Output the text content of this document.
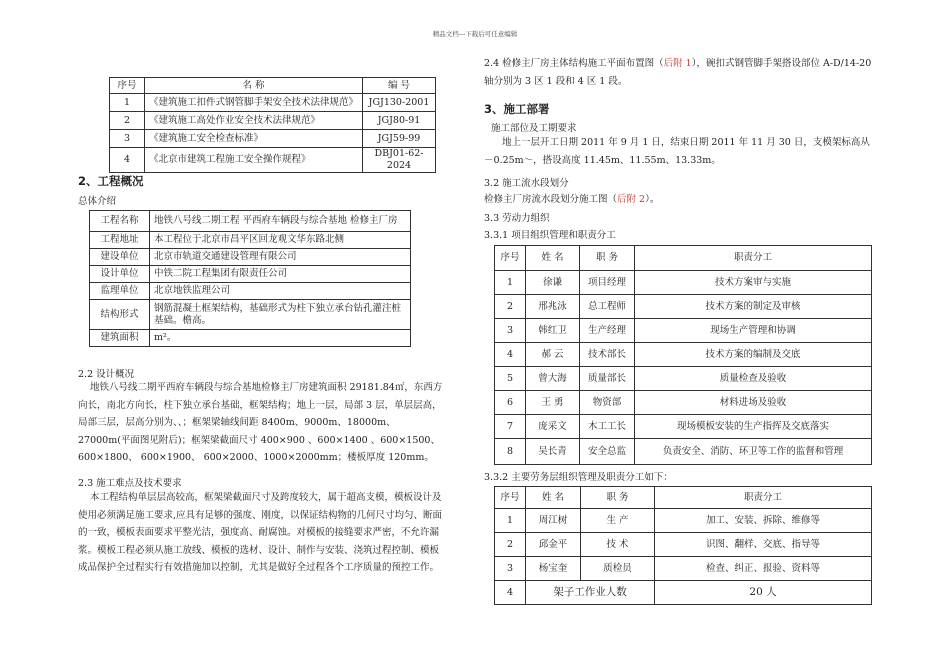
精品文档---下载后可任意编辑
序号	名 称	编 号
1	《建筑施工扣件式钢管脚手架安全技术法律规范》	JGJ130-2001
2	《建筑施工高处作业安全技术法律规范》	JGJ80-91
3	《建筑施工安全检查标准》	JGJ59-99
4	《北京市建筑工程施工安全操作规程》	DBJ01-62-2024
2、工程概况
总体介绍
工程名称	地铁八号线二期工程 平西府车辆段与综合基地 检修主厂房
工程地址	本工程位于北京市昌平区回龙观文华东路北侧
建设单位	北京市轨道交通建设管理有限公司
设计单位	中铁二院工程集团有限责任公司
监理单位	北京地铁监理公司
结构形式	钢筋混凝土框架结构，基础形式为柱下独立承台钻孔灌注桩基础。檐高。
建筑面积	m²。
2.2 设计概况
地铁八号线二期平西府车辆段与综合基地检修主厂房建筑面积 29181.84㎡，东西方向长，南北方向长，柱下独立承台基础，框架结构；地上一层，局部 3 层，单层层高，局部三层，层高分别为、、；框架梁轴线间距 8400m、9000m、18000m、27000m(平面图见附后)；框架梁截面尺寸 400×900 、600×1400 、600×1500、600×1800、 600×1900、 600×2000、1000×2000mm；楼板厚度 120mm。
2.3 施工难点及技术要求
本工程结构单层层高较高，框架梁截面尺寸及跨度较大，属于超高支模，模板设计及使用必须满足施工要求,应具有足够的强度、刚度，以保证结构物的几何尺寸均匀、断面的一致，模板表面要求平整光洁，强度高、耐腐蚀。对模板的接缝要求严密，不允许漏浆。模板工程必须从施工放线、模板的选材、设计、制作与安装、浇筑过程控制、模板成品保护全过程实行有效措施加以控制，尤其是做好全过程各个工序质量的预控工作。
2.4 检修主厂房主体结构施工平面布置图（后附 1），碗扣式钢管脚手架搭设部位 A-D/14-20 轴分别为 3 区 1 段和 4 区 1 段。
3、施工部署
施工部位及工期要求
地上一层开工日期 2011 年 9 月 1 日，结束日期 2011 年 11 月 30 日，支模架标高从－0.25m～，搭设高度 11.45m、11.55m、13.33m。
3.2 施工流水段划分
检修主厂房流水段划分施工图（后附 2）。
3.3 劳动力组织
3.3.1 项目组织管理和职责分工
序号	姓 名	职 务	职责分工
1	徐谦	项目经理	技术方案审与实施
2	邢兆泳	总工程师	技术方案的制定及审核
3	韩红卫	生产经理	现场生产管理和协调
4	郝 云	技术部长	技术方案的编制及交底
5	曾大海	质量部长	质量检查及验收
6	王 勇	物资部	材料进场及验收
7	庞采文	木工工长	现场模板安装的生产指挥及交底落实
8	吴长青	安全总监	负责安全、消防、环卫等工作的监督和管理
3.3.2 主要劳务层组织管理及职责分工如下：
序号	姓 名	职 务	职责分工
1	周江树	生 产	加工、安装、拆除、维修等
2	邱金平	技 术	识图、翻样、交底、指导等
3	杨宝奎	质检员	检查、纠正、报验、资料等
4	架子工作业人数		20 人
